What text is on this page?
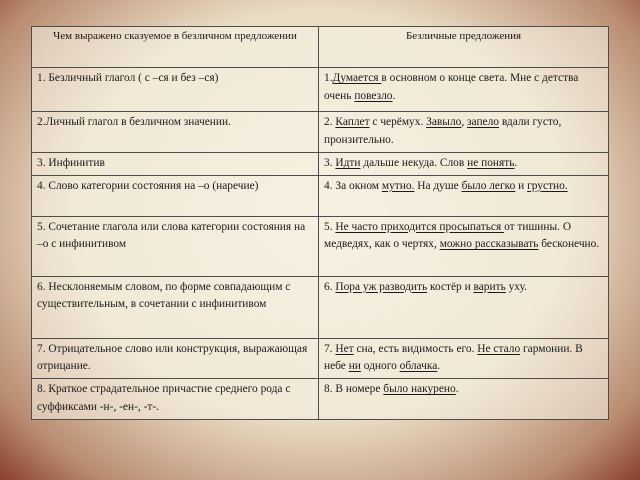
Чем выражено сказуемое в безличном предложении	Безличные предложения
1. Безличный глагол ( с –ся и без –ся)	1.Думается в основном о конце света. Мне с детства очень повезло.
2.Личный глагол в безличном значении.	2. Каплет с черёмух. Завыло, запело вдали густо, пронзительно.
3. Инфинитив	3. Идти дальше некуда. Слов не понять.
4. Слово категории состояния на –о (наречие)	4. За окном мутно. На душе было легко и грустно.
5. Сочетание глагола или слова категории состояния на –о с инфинитивом	5. Не часто приходится просыпаться от тишины. О медведях, как о чертях, можно рассказывать бесконечно.
6. Несклоняемым словом, по форме совпадающим с существительным, в сочетании с инфинитивом	6. Пора уж разводить костёр и варить уху.
7. Отрицательное слово или конструкция, выражающая отрицание.	7. Нет сна, есть видимость его. Не стало гармонии. В небе ни одного облачка.
8. Краткое страдательное причастие среднего рода с суффиксами -н-, -ен-, -т-.	8. В номере было накурено.
